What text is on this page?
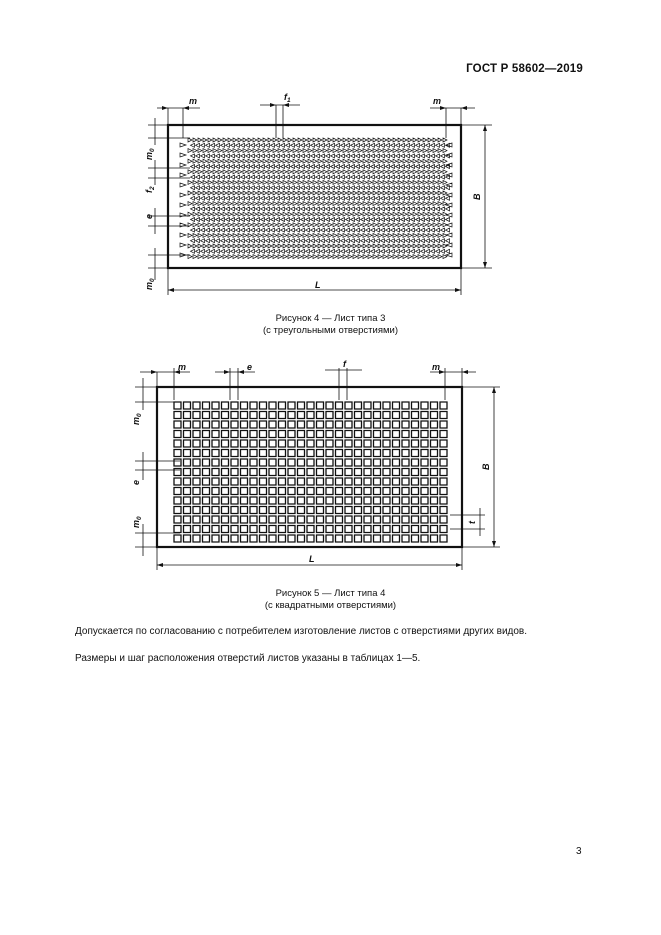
ГОСТ Р 58602—2019
m	$f_1$	m
L
B
$m_0$
$f_2$
e
$m_0$
Рисунок 4 — Лист типа 3
(с треугольными отверстиями)
m	e	f	m
L
B
t
$m_0$
e
$m_0$
Рисунок 5 — Лист типа 4
(с квадратными отверстиями)
Допускается по согласованию с потребителем изготовление листов с отверстиями других видов.
Размеры и шаг расположения отверстий листов указаны в таблицах 1—5.
3
